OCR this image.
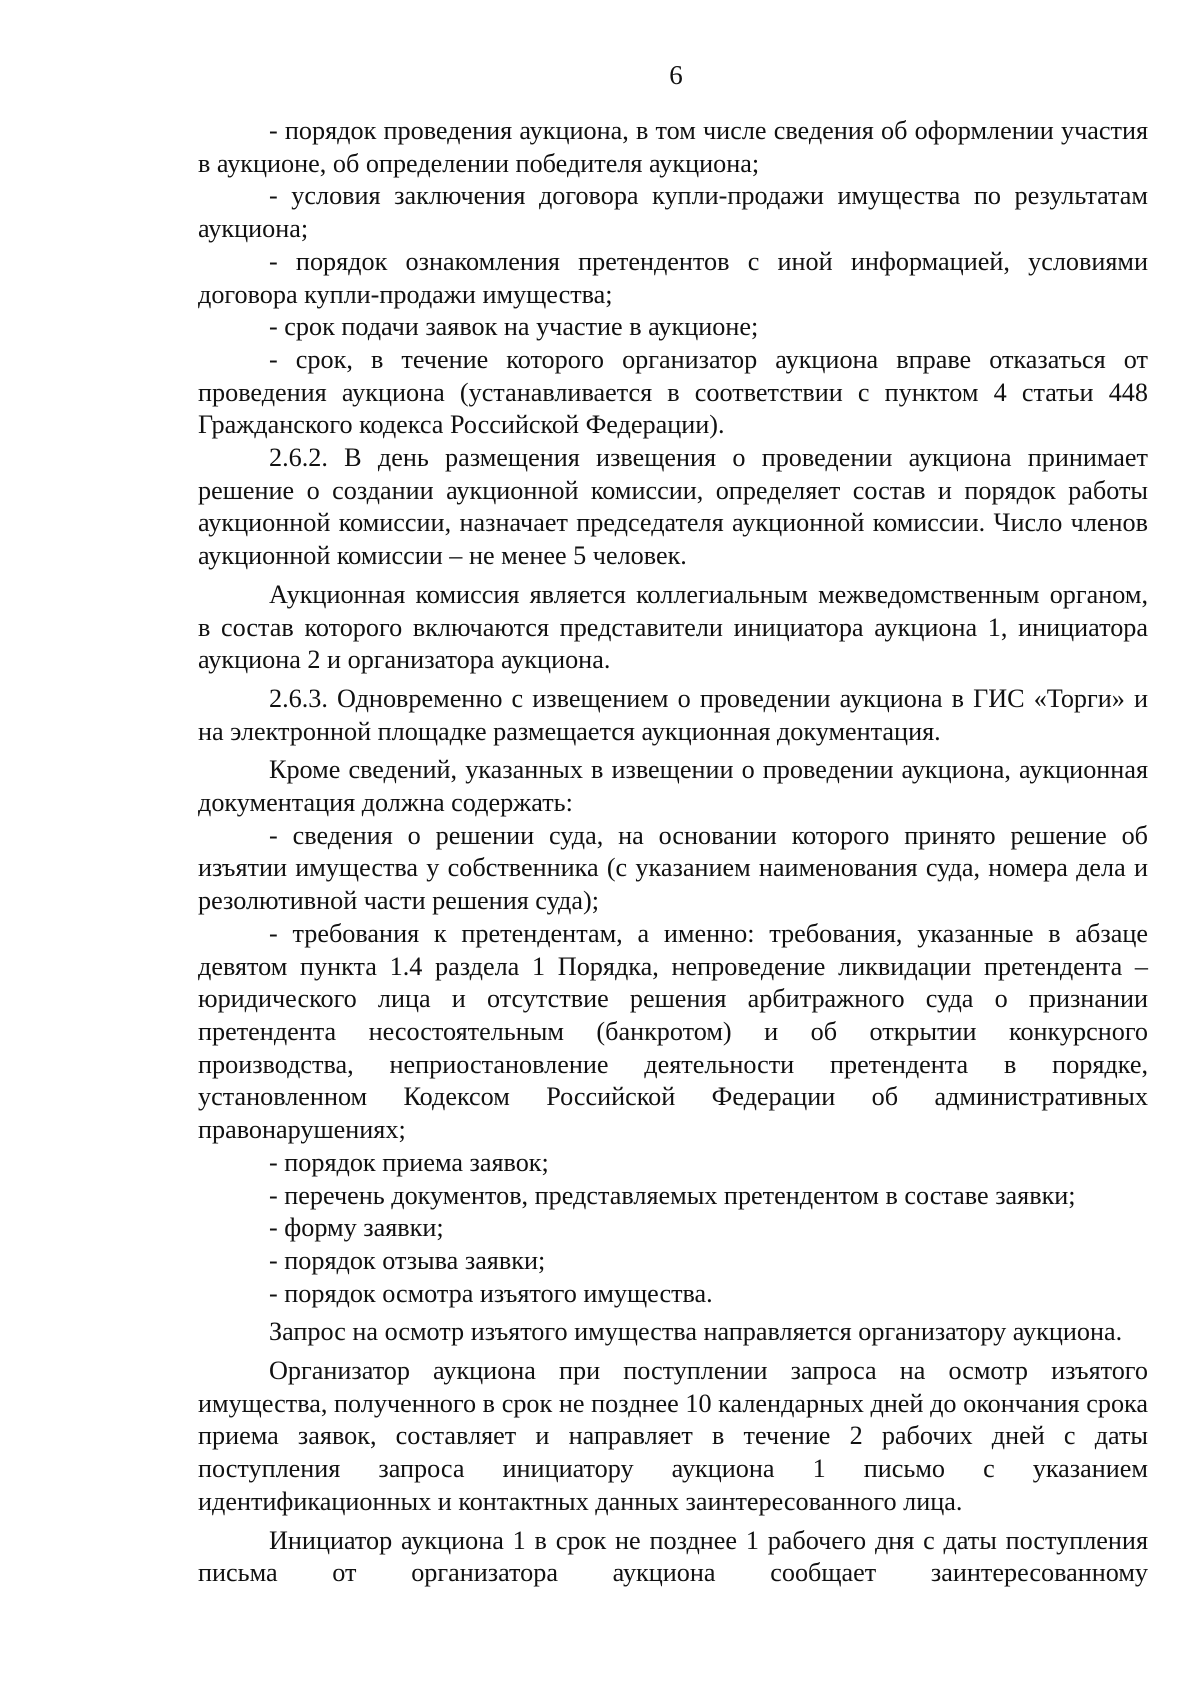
6

- порядок проведения аукциона, в том числе сведения об оформлении участия в аукционе, об определении победителя аукциона;

- условия заключения договора купли-продажи имущества по результатам аукциона;

- порядок ознакомления претендентов с иной информацией, условиями договора купли-продажи имущества;

- срок подачи заявок на участие в аукционе;

- срок, в течение которого организатор аукциона вправе отказаться от проведения аукциона (устанавливается в соответствии с пунктом 4 статьи 448 Гражданского кодекса Российской Федерации).

2.6.2. В день размещения извещения о проведении аукциона принимает решение о создании аукционной комиссии, определяет состав и порядок работы аукционной комиссии, назначает председателя аукционной комиссии. Число членов аукционной комиссии – не менее 5 человек.

Аукционная комиссия является коллегиальным межведомственным органом, в состав которого включаются представители инициатора аукциона 1, инициатора аукциона 2 и организатора аукциона.

2.6.3. Одновременно с извещением о проведении аукциона в ГИС «Торги» и на электронной площадке размещается аукционная документация.

Кроме сведений, указанных в извещении о проведении аукциона, аукционная документация должна содержать:

- сведения о решении суда, на основании которого принято решение об изъятии имущества у собственника (с указанием наименования суда, номера дела и резолютивной части решения суда);

- требования к претендентам, а именно: требования, указанные в абзаце девятом пункта 1.4 раздела 1 Порядка, непроведение ликвидации претендента – юридического лица и отсутствие решения арбитражного суда о признании претендента несостоятельным (банкротом) и об открытии конкурсного производства, неприостановление деятельности претендента в порядке, установленном Кодексом Российской Федерации об административных правонарушениях;

- порядок приема заявок;

- перечень документов, представляемых претендентом в составе заявки;

- форму заявки;

- порядок отзыва заявки;

- порядок осмотра изъятого имущества.

Запрос на осмотр изъятого имущества направляется организатору аукциона.

Организатор аукциона при поступлении запроса на осмотр изъятого имущества, полученного в срок не позднее 10 календарных дней до окончания срока приема заявок, составляет и направляет в течение 2 рабочих дней с даты поступления запроса инициатору аукциона 1 письмо с указанием идентификационных и контактных данных заинтересованного лица.

Инициатор аукциона 1 в срок не позднее 1 рабочего дня с даты поступления письма от организатора аукциона сообщает заинтересованному
